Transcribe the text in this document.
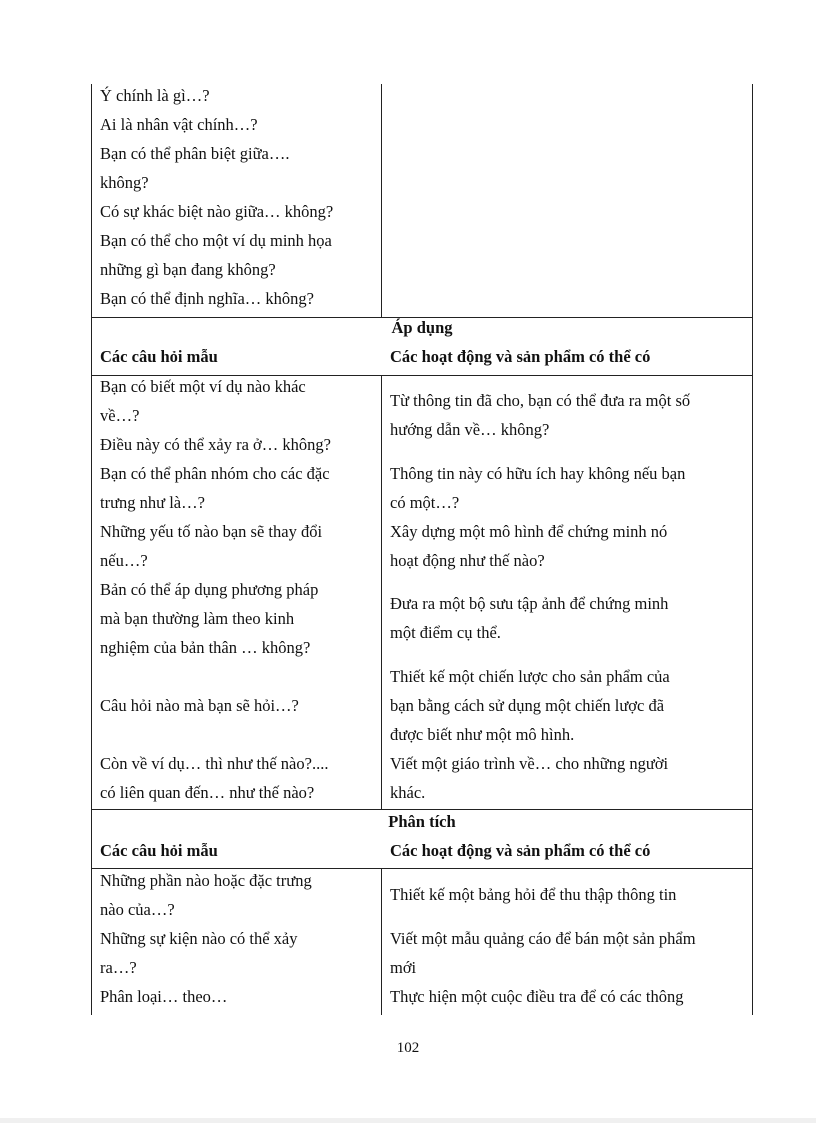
Ý chính là gì…?
Ai là nhân vật chính…?
Bạn có thể phân biệt giữa….
không?
Có sự khác biệt nào giữa… không?
Bạn có thể cho một ví dụ minh họa
những gì bạn đang không?
Bạn có thể định nghĩa… không?
Áp dụng
Các câu hỏi mẫu	Các hoạt động và sản phẩm có thể có
Bạn có biết một ví dụ nào khác
về…?
Điều này có thể xảy ra ở… không?
Bạn có thể phân nhóm cho các đặc
trưng như là…?
Những yếu tố nào bạn sẽ thay đổi
nếu…?
Bản có thể áp dụng phương pháp
mà bạn thường làm theo kinh
nghiệm của bản thân … không?
Câu hỏi nào mà bạn sẽ hỏi…?
Còn về ví dụ… thì như thế nào?....
có liên quan đến… như thế nào?
Từ thông tin đã cho, bạn có thể đưa ra một số
hướng dẫn về… không?
Thông tin này có hữu ích hay không nếu bạn
có một…?
Xây dựng một mô hình để chứng minh nó
hoạt động như thế nào?
Đưa ra một bộ sưu tập ảnh để chứng minh
một điểm cụ thể.
Thiết kế một chiến lược cho sản phẩm của
bạn bằng cách sử dụng một chiến lược đã
được biết như một mô hình.
Viết một giáo trình về… cho những người
khác.
Phân tích
Các câu hỏi mẫu	Các hoạt động và sản phẩm có thể có
Những phần nào hoặc đặc trưng
nào của…?
Những sự kiện nào có thể xảy
ra…?
Phân loại… theo…
Thiết kế một bảng hỏi để thu thập thông tin
Viết một mẫu quảng cáo để bán một sản phẩm
mới
Thực hiện một cuộc điều tra để có các thông
102
